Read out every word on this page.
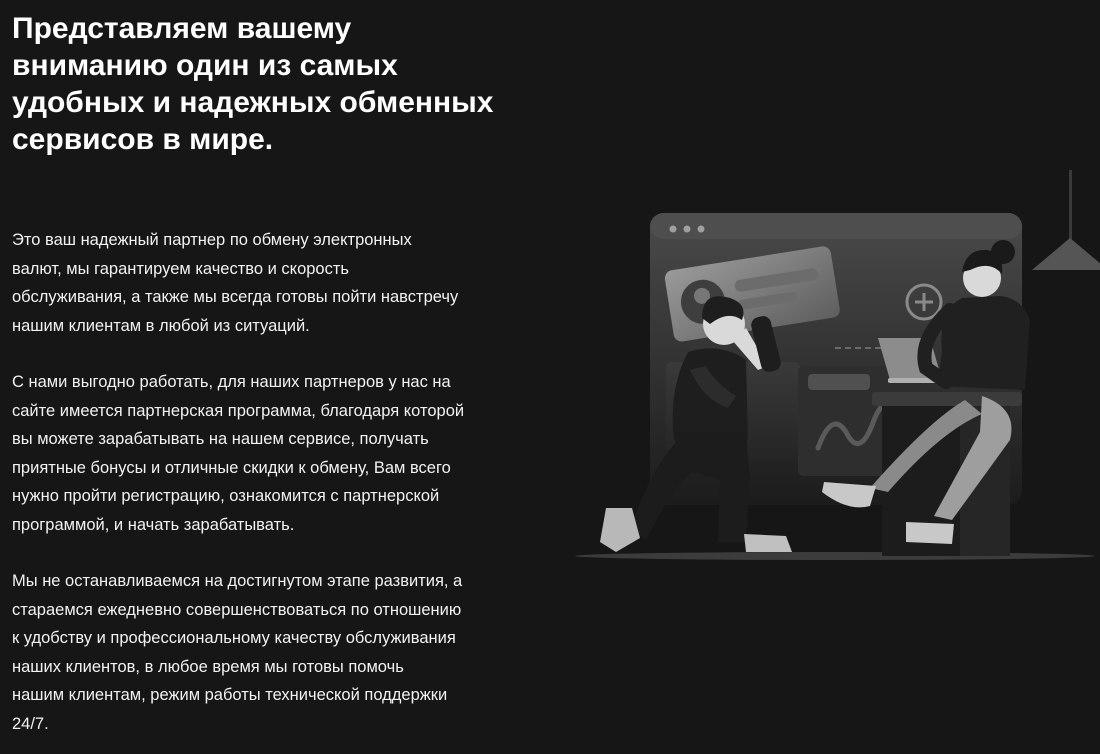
Представляем вашему
вниманию один из самых
удобных и надежных обменных
сервисов в мире.

Это ваш надежный партнер по обмену электронных
валют, мы гарантируем качество и скорость
обслуживания, а также мы всегда готовы пойти навстречу
нашим клиентам в любой из ситуаций.

С нами выгодно работать, для наших партнеров у нас на
сайте имеется партнерская программа, благодаря которой
вы можете зарабатывать на нашем сервисе, получать
приятные бонусы и отличные скидки к обмену, Вам всего
нужно пройти регистрацию, ознакомится с партнерской
программой, и начать зарабатывать.

Мы не останавливаемся на достигнутом этапе развития, а
стараемся ежедневно совершенствоваться по отношению
к удобству и профессиональному качеству обслуживания
наших клиентов, в любое время мы готовы помочь
нашим клиентам, режим работы технической поддержки
24/7.
